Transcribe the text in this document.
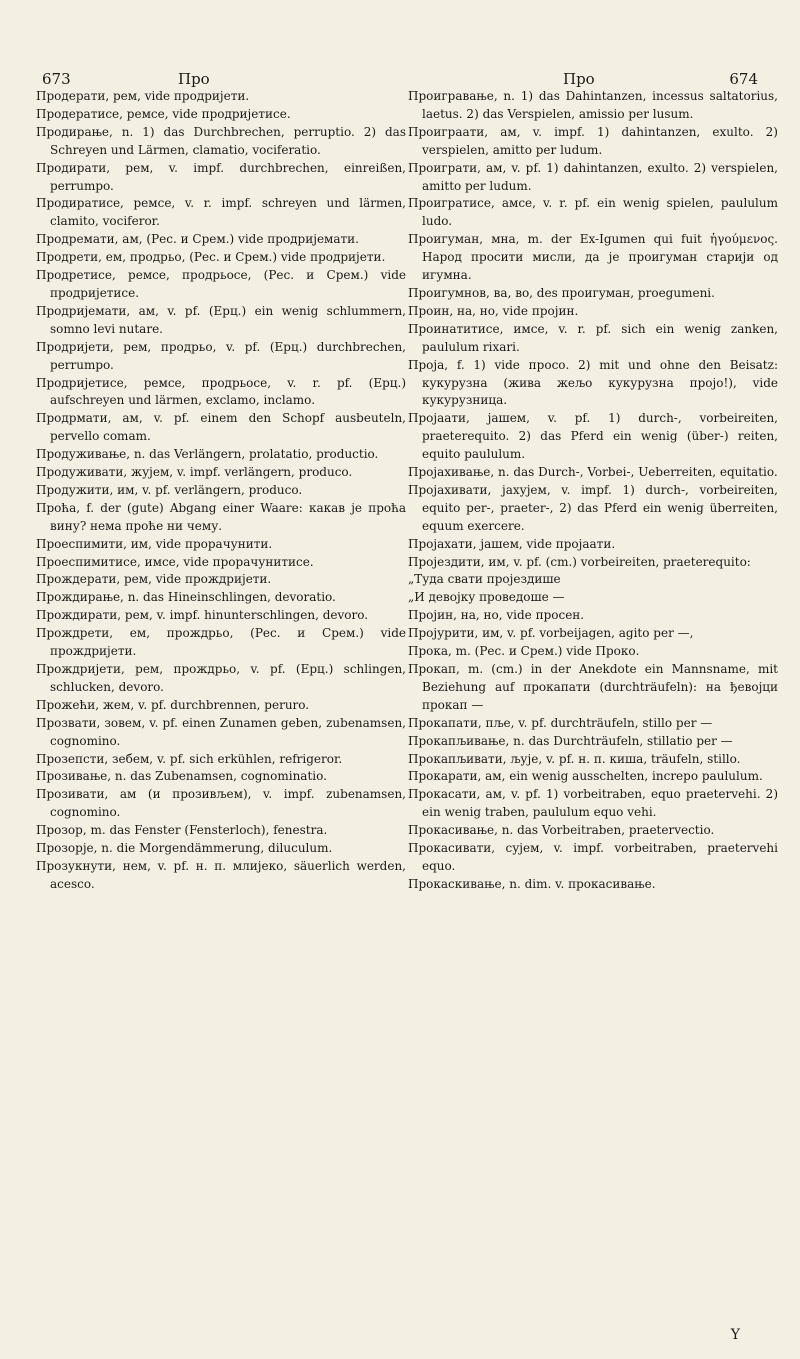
673	Про	Про	674

Продерати, рем, vide продријети.

Продератисе, ремсе, vide продријетисе.

Продирање, n. 1) das Durchbrechen, perruptio. 2) das Schreyen und Lärmen, clamatio, vociferatio.

Продирати, рем, v. impf. durchbrechen, einreißen, perrumpo.

Продиратисе, ремсе, v. r. impf. schreyen und lärmen, clamito, vociferor.

Продремати, ам, (Рес. и Срем.) vide продријемати.

Продрети, ем, продрьо, (Рес. и Срем.) vide продријети.

Продретисе, ремсе, продрьосе, (Рес. и Срем.) vide продријетисе.

Продријемати, ам, v. pf. (Ерц.) ein wenig schlummern, somno levi nutare.

Продријети, рем, продрьо, v. pf. (Ерц.) durchbrechen, perrumpo.

Продријетисе, ремсе, продрьосе, v. r. pf. (Ерц.) aufschreyen und lärmen, exclamo, inclamo.

Продрмати, ам, v. pf. einem den Schopf ausbeuteln, pervello comam.

Продуживање, n. das Verlängern, prolatatio, productio.

Продуживати, жујем, v. impf. verlängern, produco.

Продужити, им, v. pf. verlängern, produco.

Проћа, f. der (gute) Abgang einer Waare: какав је проћа вину? нема проће ни чему.

Проеспимити, им, vide прорачунити.

Проеспимитисе, имсе, vide прорачунитисе.

Прождерати, рем, vide прождријети.

Прождирање, n. das Hineinschlingen, devoratio.

Прождирати, рем, v. impf. hinunterschlingen, devoro.

Прождрети, ем, прождрьо, (Рес. и Срем.) vide прождријети.

Прождријети, рем, прождрьо, v. pf. (Ерц.) schlingen, schlucken, devoro.

Прожећи, жем, v. pf. durchbrennen, peruro.

Прозвати, зовем, v. pf. einen Zunamen geben, zubenamsen, cognomino.

Прозепсти, зебем, v. pf. sich erkühlen, refrigeror.

Прозивање, n. das Zubenamsen, cognominatio.

Прозивати, ам (и прозивљем), v. impf. zubenamsen, cognomino.

Прозор, m. das Fenster (Fensterloch), fenestra.

Прозорје, n. die Morgendämmerung, diluculum.

Прозукнути, нем, v. pf. н. п. млијеко, säuerlich werden, acesco.

Проигравање, n. 1) das Dahintanzen, incessus saltatorius, laetus. 2) das Verspielen, amissio per lusum.

Проиграати, ам, v. impf. 1) dahintanzen, exulto. 2) verspielen, amitto per ludum.

Проиграти, ам, v. pf. 1) dahintanzen, exulto. 2) verspielen, amitto per ludum.

Проигратисе, амсе, v. r. pf. ein wenig spielen, paululum ludo.

Проигуман, мна, m. der Ex-Igumen qui fuit ἡγούμενος. Народ просити мисли, да је проигуман старији од игумна.

Проигумнов, ва, во, des проигуман, proegumeni.

Проин, на, но, vide пројин.

Проинатитисе, имсе, v. r. pf. sich ein wenig zanken, paululum rixari.

Проја, f. 1) vide просо. 2) mit und ohne den Beisatz: кукурузна (жива жељо кукурузна проjо!), vide кукурузница.

Пројаати, јашем, v. pf. 1) durch-, vorbeireiten, praeterequito. 2) das Pferd ein wenig (über-) reiten, equito paululum.

Пројахивање, n. das Durch-, Vorbei-, Ueberreiten, equitatio.

Пројахивати, јахујем, v. impf. 1) durch-, vorbeireiten, equito per-, praeter-, 2) das Pferd ein wenig überreiten, equum exercere.

Пројахати, јашем, vide пројаати.

Пројездити, им, v. pf. (cm.) vorbeireiten, praeterequito:

„Туда свати пројездише

„И девојку проведоше —

Пројин, на, но, vide просен.

Пројурити, им, v. pf. vorbeijagen, agito per —,

Прока, m. (Рес. и Срем.) vide Проко.

Прокап, m. (cm.) in der Anekdote ein Mannsname, mit Beziehung auf прокапати (durchträufeln): на ђевојци прокап —

Прокапати, пље, v. pf. durchträufeln, stillo per —

Прокапљивање, n. das Durchträufeln, stillatio per —

Прокапљивати, љује, v. pf. н. п. кишa, träufeln, stillo.

Прокарати, ам, ein wenig ausschelten, increpo paululum.

Прокасати, ам, v. pf. 1) vorbeitraben, equo praetervehi. 2) ein wenig traben, paululum equo vehi.

Прокасивање, n. das Vorbeitraben, praetervectio.

Прокасивати, сујем, v. impf. vorbeitraben, praetervehi equo.

Прокаскивање, n. dim. v. прокасивање.

Y
